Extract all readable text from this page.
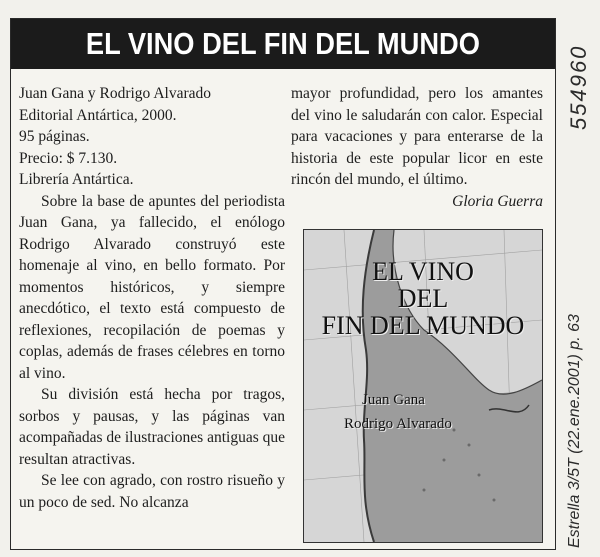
EL VINO DEL FIN DEL MUNDO
Juan Gana y Rodrigo Alvarado
Editorial Antártica, 2000.
95 páginas.
Precio: $ 7.130.
Librería Antártica.

Sobre la base de apuntes del periodista Juan Gana, ya fallecido, el enólogo Rodrigo Alvarado construyó este homenaje al vino, en bello formato. Por momentos históricos, y siempre anecdótico, el texto está compuesto de reflexiones, recopilación de poemas y coplas, además de frases célebres en torno al vino.

Su división está hecha por tragos, sorbos y pausas, y las páginas van acompañadas de ilustraciones antiguas que resultan atractivas.

Se lee con agrado, con rostro risueño y un poco de sed. No alcanza

mayor profundidad, pero los amantes del vino le saludarán con calor. Especial para vacaciones y para enterarse de la historia de este popular licor en este rincón del mundo, el último.

Gloria Guerra
EL VINO
DEL
FIN DEL MUNDO
Juan Gana
Rodrigo Alvarado
554960
Estrella 3/5T (22.ene.2001) p. 63
